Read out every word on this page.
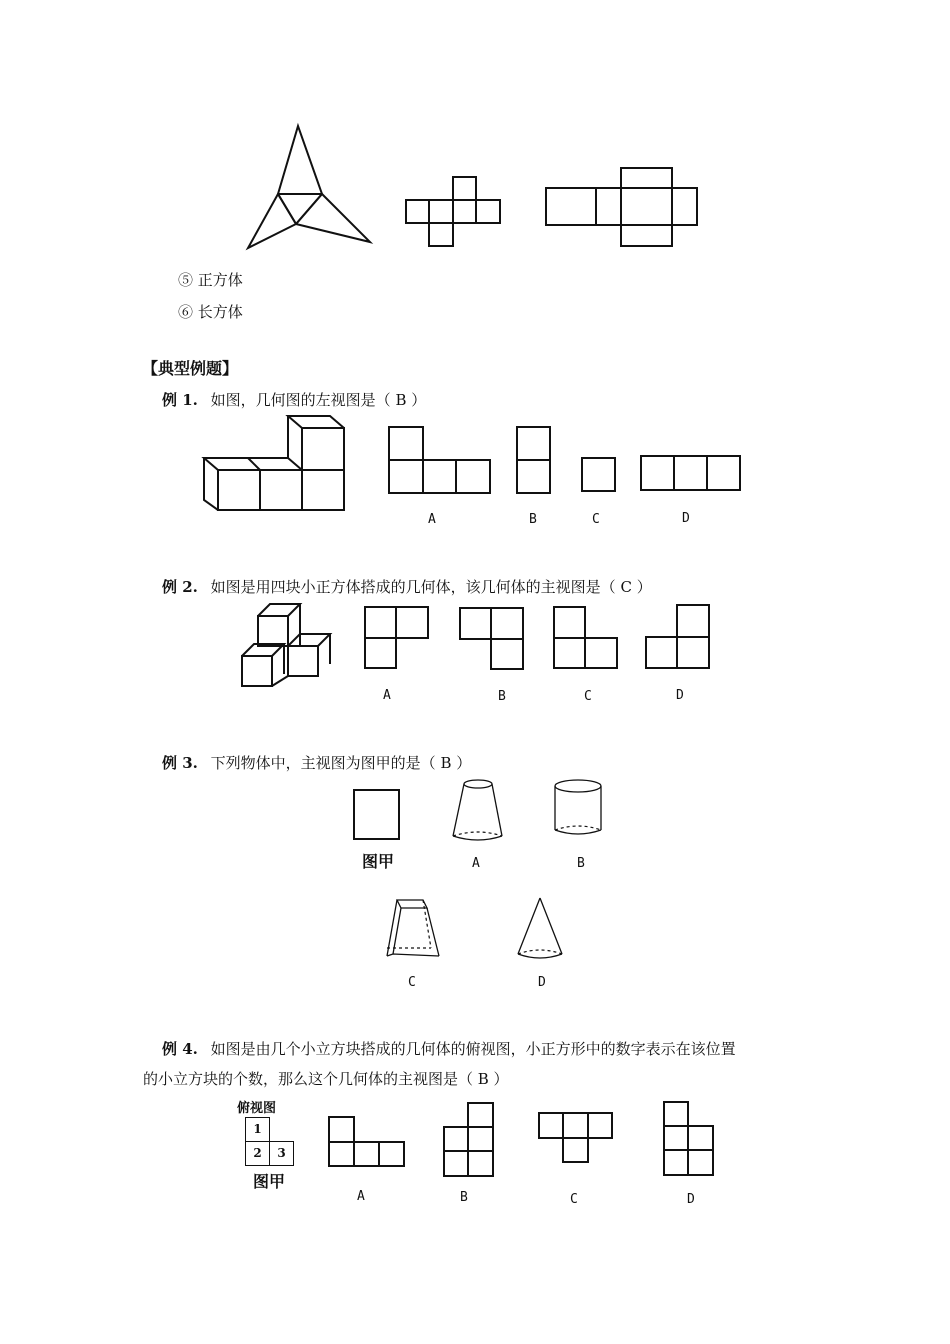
⑤ 正方体
⑥ 长方体
【典型例题】
例 1. 如图，几何图的左视图是（ B ）
A	B	C	D
例 2. 如图是用四块小正方体搭成的几何体，该几何体的主视图是（ C ）
A	B	C	D
例 3. 下列物体中，主视图为图甲的是（ B ）
图甲	A	B
C	D
例 4. 如图是由几个小立方块搭成的几何体的俯视图，小正方形中的数字表示在该位置
的小立方块的个数，那么这个几何体的主视图是（ B ）
俯视图
1
2	3
图甲
A	B	C	D
